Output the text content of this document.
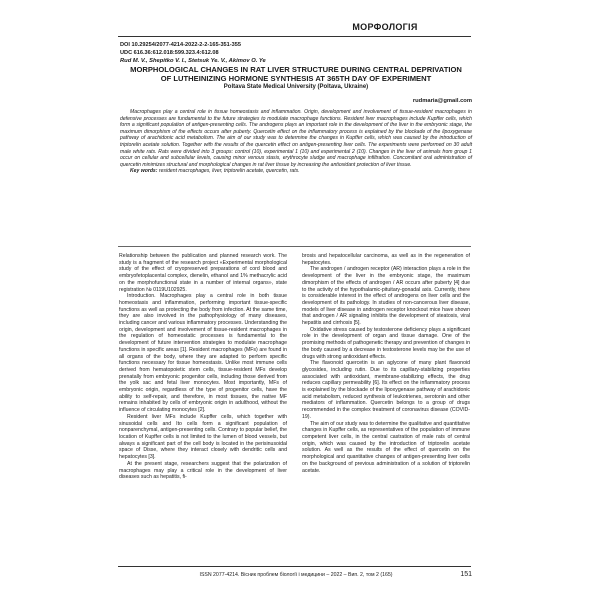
МОРФОЛОГІЯ
DOI 10.29254/2077-4214-2022-2-2-165-351-355
UDC 616.36:612.018:599.323.4:612.08
Rud M. V., Shepitko V. I., Stetsuk Ye. V., Akimov O. Ye
MORPHOLOGICAL CHANGES IN RAT LIVER STRUCTURE DURING CENTRAL DEPRIVATION OF LUTHEINIZING HORMONE SYNTHESIS AT 365TH DAY OF EXPERIMENT
Poltava State Medical University (Poltava, Ukraine)
rudmaria@gmail.com
Macrophages play a central role in tissue homeostasis and inflammation. Origin, development and involvement of tissue-resident macrophages in defensive processes are fundamental to the future strategies to modulate macrophage functions. Resident liver macrophages include Kupffer cells, which form a significant population of antigen-presenting cells. The androgens plays an important role in the development of the liver in the embryonic stage, the maximum dimorphism of the effects occurs after puberty. Quercetin effect on the inflammatory process is explained by the blockade of the lipoxygenase pathway of arachidonic acid metabolism. The aim of our study was to determine the changes in Kupffer cells, which was caused by the introduction of triptorelin acetate solution. Together with the results of the quercetin effect on antigen-presenting liver cells. The experiments were performed on 30 adult male white rats. Rats were divided into 3 groups: control (10), experimental 1 (10) and experimental 2 (10). Changes in the liver of animals from group 1 occur on cellular and subcellular levels, causing minor venous stasis, erythrocyte sludge and macrophage infiltration. Concomitant oral administration of quercetin minimizes structural and morphological changes in rat liver tissue by increasing the antioxidant protection of liver tissue.
Key words: resident macrophages, liver, triptorelin acetate, quercetin, rats.

Relationship between the publication and planned research work. The study is a fragment of the research project «Experimental morphological study of the effect of cryopreserved preparations of cord blood and embryofetoplacental complex, dienelin, ethanol and 1% methacrylic acid on the morphofunctional state in a number of internal organs», state registration № 0119U102925.

Introduction. Macrophages play a central role in both tissue homeostasis and inflammation, performing important tissue-specific functions as well as protecting the body from infection. At the same time, they are also involved in the pathophysiology of many diseases, including cancer and various inflammatory processes. Understanding the origin, development and involvement of tissue-resident macrophages in the regulation of homeostatic processes is fundamental to the development of future intervention strategies to modulate macrophage functions in specific areas [1]. Resident macrophages (MFs) are found in all organs of the body, where they are adapted to perform specific functions necessary for tissue homeostasis. Unlike most immune cells derived from hematopoietic stem cells, tissue-resident MFs develop prenatally from embryonic progenitor cells, including those derived from the yolk sac and fetal liver monocytes. Most importantly, MFs of embryonic origin, regardless of the type of progenitor cells, have the ability to self-repair, and therefore, in most tissues, the native MF remains inhabited by cells of embryonic origin in adulthood, without the influence of circulating monocytes [2].

Resident liver MFs include Kupffer cells, which together with sinusoidal cells and Ito cells form a significant population of nonparenchymal, antigen-presenting cells. Contrary to popular belief, the location of Kupffer cells is not limited to the lumen of blood vessels, but always a significant part of the cell body is located in the perisinusoidal space of Disse, where they interact closely with dendritic cells and hepatocytes [3].

At the present stage, researchers suggest that the polarization of macrophages may play a critical role in the development of liver diseases such as hepatitis, fi-

brosis and hepatocellular carcinoma, as well as in the regeneration of hepatocytes.

The androgen / androgen receptor (AR) interaction plays a role in the development of the liver in the embryonic stage, the maximum dimorphism of the effects of androgen / AR occurs after puberty [4] due to the activity of the hypothalamic-pituitary-gonadal axis. Currently, there is considerable interest in the effect of androgens on liver cells and the development of its pathology. In studies of non-cancerous liver disease, models of liver disease in androgen receptor knockout mice have shown that androgen / AR signaling inhibits the development of steatosis, viral hepatitis and cirrhosis [5].

Oxidative stress caused by testosterone deficiency plays a significant role in the development of organ and tissue damage. One of the promising methods of pathogenetic therapy and prevention of changes in the body caused by a decrease in testosterone levels may be the use of drugs with strong antioxidant effects.

The flavonoid quercetin is an aglycone of many plant flavonoid glycosides, including rutin. Due to its capillary-stabilizing properties associated with antioxidant, membrane-stabilizing effects, the drug reduces capillary permeability [6]. Its effect on the inflammatory process is explained by the blockade of the lipoxygenase pathway of arachidonic acid metabolism, reduced synthesis of leukotrienes, serotonin and other mediators of inflammation. Quercetin belongs to a group of drugs recommended in the complex treatment of coronavirus disease (COVID-19).

The aim of our study was to determine the qualitative and quantitative changes in Kupffer cells, as representatives of the population of immune competent liver cells, in the central castration of male rats of central origin, which was caused by the introduction of triptorelin acetate solution. As well as the results of the effect of quercetin on the morphological and quantitative changes of antigen-presenting liver cells on the background of previous administration of a solution of triptorelin acetate.

ISSN 2077-4214. Вісник проблем біології і медицини – 2022 – Вип. 2, том 2 (165)	151
